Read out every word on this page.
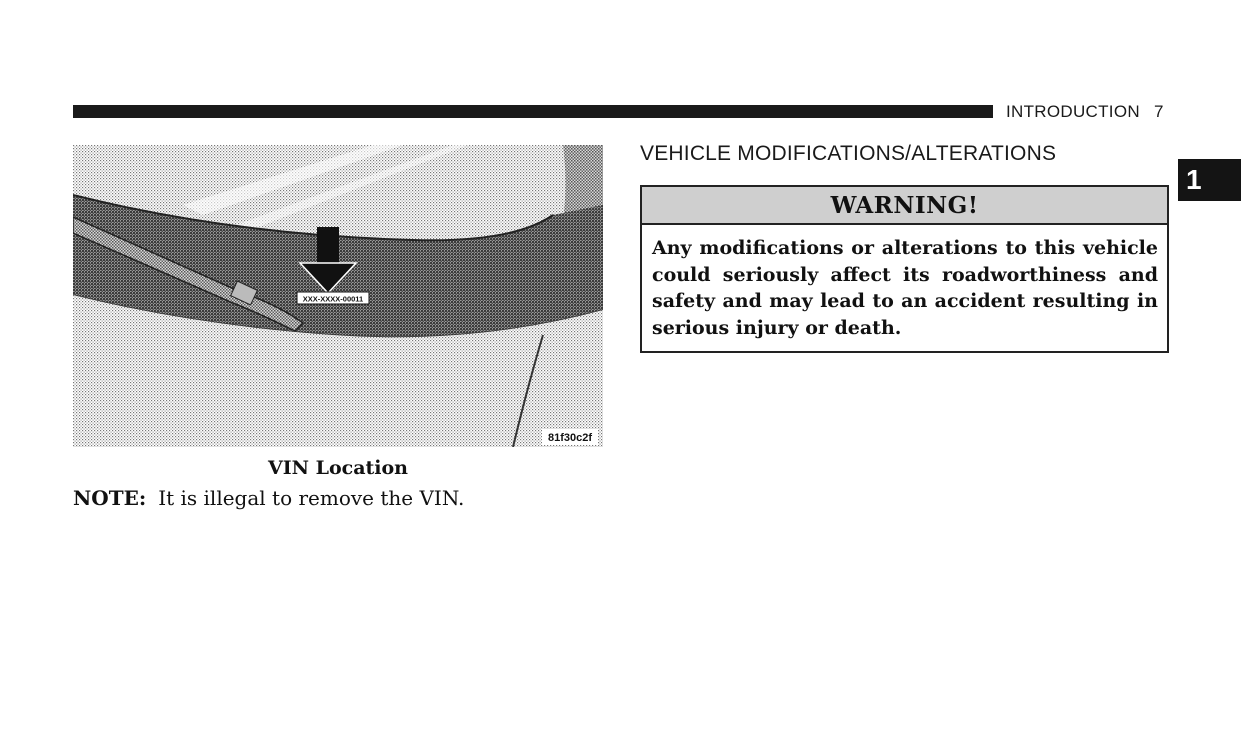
INTRODUCTION 7
1
XXX-XXXX-00011
81f30c2f
VIN Location
NOTE: It is illegal to remove the VIN.
VEHICLE MODIFICATIONS/ALTERATIONS
WARNING!
Any modifications or alterations to this vehicle could seriously affect its roadworthiness and safety and may lead to an accident resulting in serious injury or death.
